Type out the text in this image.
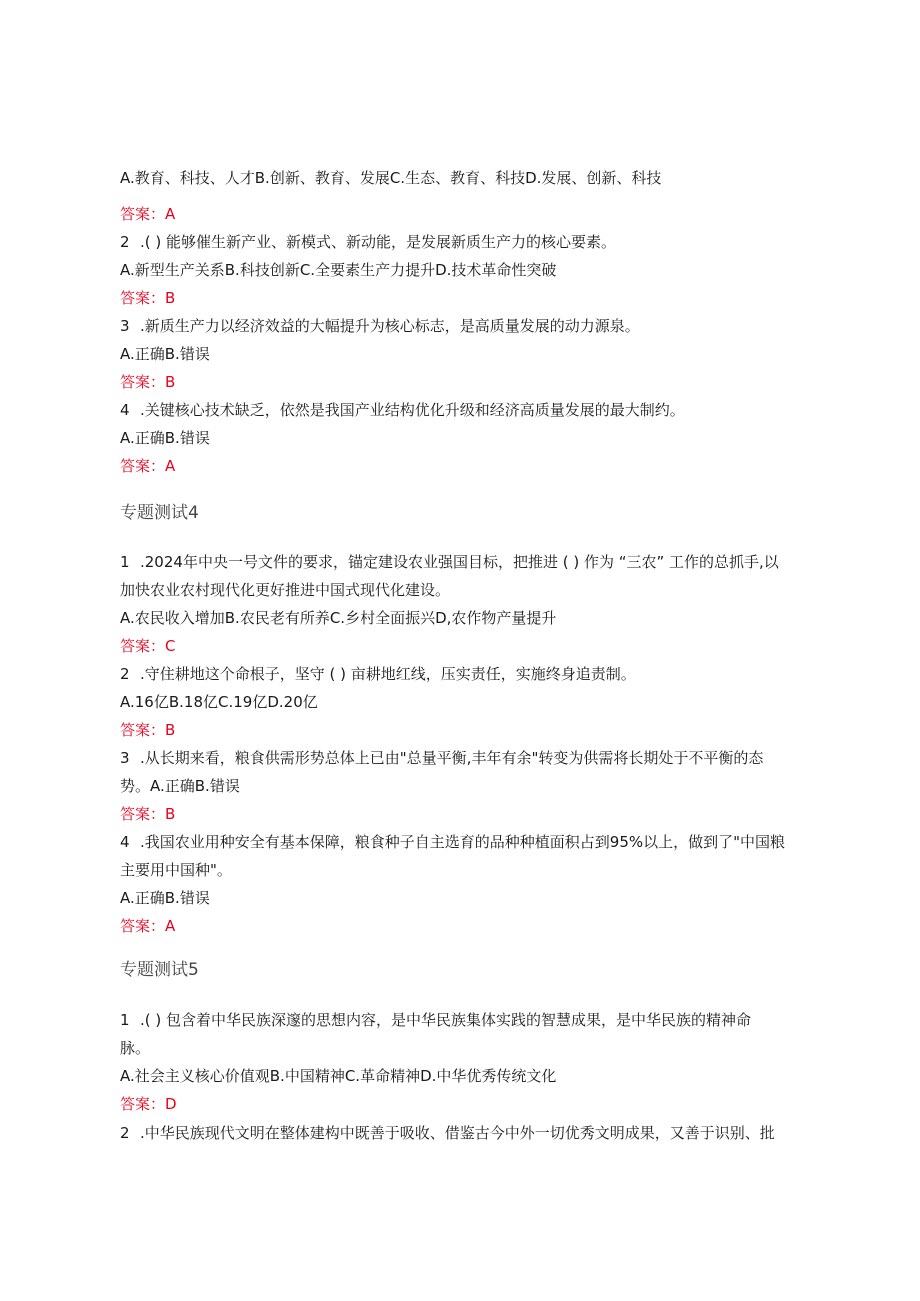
A.教育、科技、人才B.创新、教育、发展C.生态、教育、科技D.发展、创新、科技
答案：A
2 .( ) 能够催生新产业、新模式、新动能，是发展新质生产力的核心要素。
A.新型生产关系B.科技创新C.全要素生产力提升D.技术革命性突破
答案：B
3 .新质生产力以经济效益的大幅提升为核心标志，是高质量发展的动力源泉。
A.正确B.错误
答案：B
4 .关键核心技术缺乏，依然是我国产业结构优化升级和经济高质量发展的最大制约。
A.正确B.错误
答案：A
专题测试4
1 .2024年中央一号文件的要求，锚定建设农业强国目标，把推进 ( ) 作为 “三农” 工作的总抓手,以
加快农业农村现代化更好推进中国式现代化建设。
A.农民收入增加B.农民老有所养C.乡村全面振兴D,农作物产量提升
答案：C
2 .守住耕地这个命根子，坚守 ( ) 亩耕地红线，压实责任，实施终身追责制。
A.16亿B.18亿C.19亿D.20亿
答案：B
3 .从长期来看，粮食供需形势总体上已由"总量平衡,丰年有余"转变为供需将长期处于不平衡的态
势。A.正确B.错误
答案：B
4 .我国农业用种安全有基本保障，粮食种子自主选育的品种种植面积占到95%以上，做到了"中国粮
主要用中国种"。
A.正确B.错误
答案：A
专题测试5
1 .( ) 包含着中华民族深邃的思想内容，是中华民族集体实践的智慧成果，是中华民族的精神命
脉。
A.社会主义核心价值观B.中国精神C.革命精神D.中华优秀传统文化
答案：D
2 .中华民族现代文明在整体建构中既善于吸收、借鉴古今中外一切优秀文明成果，又善于识别、批
